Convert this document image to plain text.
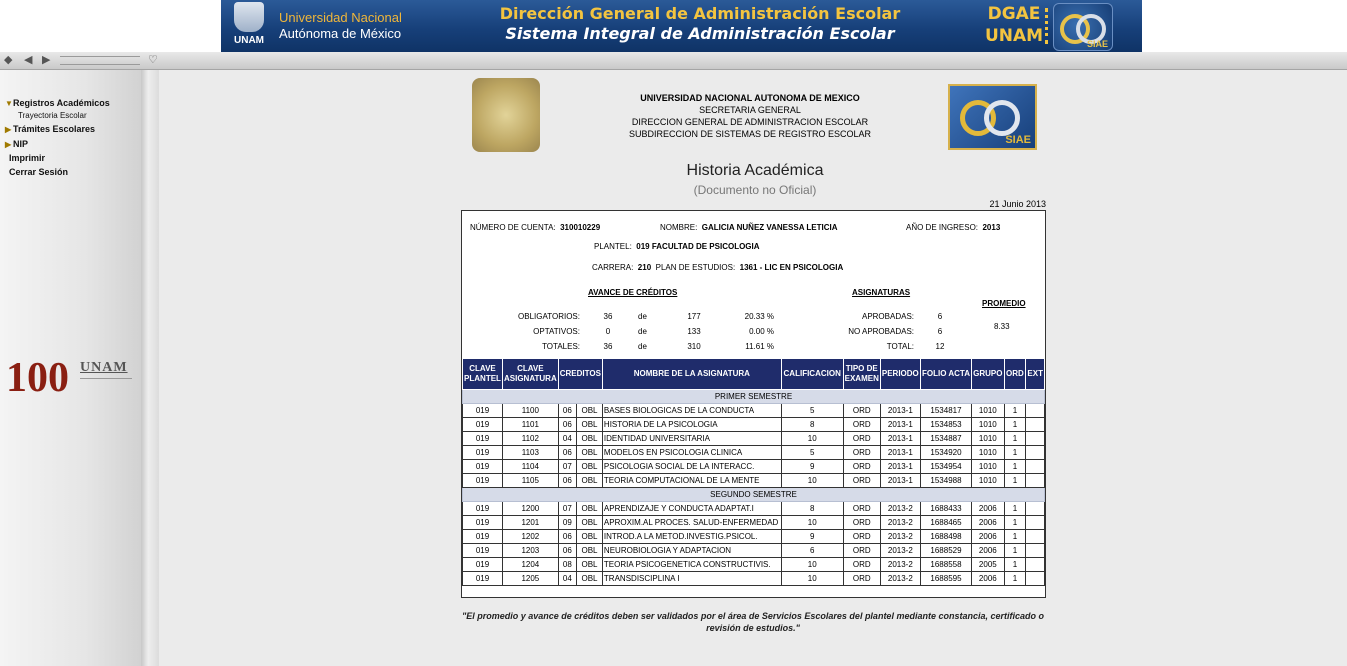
UNAM
Universidad Nacional
Autónoma de México
Dirección General de Administración Escolar
Sistema Integral de Administración Escolar
DGAE
UNAM	SIAE
◆ ◀ ▶	♡
▼Registros Académicos
Trayectoria Escolar
▶ Trámites Escolares
▶ NIP
Imprimir
Cerrar Sesión
100 UNAM
SIAE
UNIVERSIDAD NACIONAL AUTONOMA DE MEXICO
SECRETARIA GENERAL
DIRECCION GENERAL DE ADMINISTRACION ESCOLAR
SUBDIRECCION DE SISTEMAS DE REGISTRO ESCOLAR
Historia Académica
(Documento no Oficial)
21 Junio 2013
NÚMERO DE CUENTA: 310010229	NOMBRE: GALICIA NUÑEZ VANESSA LETICIA	AÑO DE INGRESO: 2013
PLANTEL: 019 FACULTAD DE PSICOLOGIA
CARRERA: 210 PLAN DE ESTUDIOS: 1361 - LIC EN PSICOLOGIA
AVANCE DE CRÉDITOS
OBLIGATORIOS:	36	de	177	20.33 %
OPTATIVOS:	0	de	133	0.00 %
TOTALES:	36	de	310	11.61 %
ASIGNATURAS
APROBADAS:	6
NO APROBADAS:	6
TOTAL:	12
PROMEDIO
8.33
CLAVE PLANTEL	CLAVE ASIGNATURA	CREDITOS		NOMBRE DE LA ASIGNATURA	CALIFICACION	TIPO DE EXAMEN	PERIODO	FOLIO ACTA	GRUPO	ORD	EXT
PRIMER SEMESTRE											
019	1100	06	OBL	BASES BIOLOGICAS DE LA CONDUCTA	5	ORD	2013-1	1534817	1010	1	
019	1101	06	OBL	HISTORIA DE LA PSICOLOGIA	8	ORD	2013-1	1534853	1010	1	
019	1102	04	OBL	IDENTIDAD UNIVERSITARIA	10	ORD	2013-1	1534887	1010	1	
019	1103	06	OBL	MODELOS EN PSICOLOGIA CLINICA	5	ORD	2013-1	1534920	1010	1	
019	1104	07	OBL	PSICOLOGIA SOCIAL DE LA INTERACC.	9	ORD	2013-1	1534954	1010	1	
019	1105	06	OBL	TEORIA COMPUTACIONAL DE LA MENTE	10	ORD	2013-1	1534988	1010	1	
SEGUNDO SEMESTRE											
019	1200	07	OBL	APRENDIZAJE Y CONDUCTA ADAPTAT.I	8	ORD	2013-2	1688433	2006	1	
019	1201	09	OBL	APROXIM.AL PROCES. SALUD-ENFERMEDAD	10	ORD	2013-2	1688465	2006	1	
019	1202	06	OBL	INTROD.A LA METOD.INVESTIG.PSICOL.	9	ORD	2013-2	1688498	2006	1	
019	1203	06	OBL	NEUROBIOLOGIA Y ADAPTACION	6	ORD	2013-2	1688529	2006	1	
019	1204	08	OBL	TEORIA PSICOGENETICA CONSTRUCTIVIS.	10	ORD	2013-2	1688558	2005	1	
019	1205	04	OBL	TRANSDISCIPLINA I	10	ORD	2013-2	1688595	2006	1	
"El promedio y avance de créditos deben ser validados por el área de Servicios Escolares del plantel mediante constancia, certificado o revisión de estudios."
